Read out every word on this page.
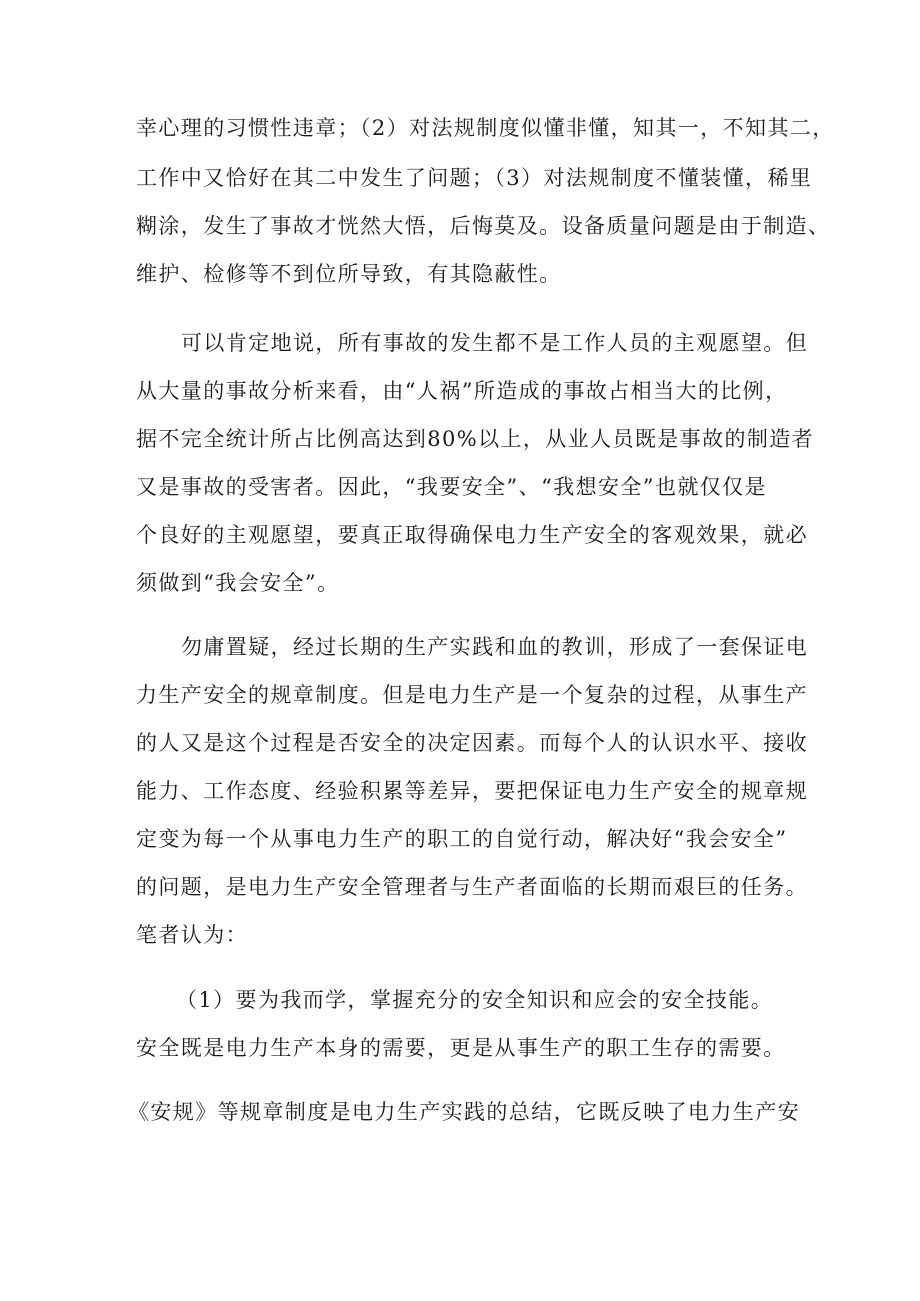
幸心理的习惯性违章；（2）对法规制度似懂非懂，知其一，不知其二，

工作中又恰好在其二中发生了问题；（3）对法规制度不懂装懂，稀里

糊涂，发生了事故才恍然大悟，后悔莫及。设备质量问题是由于制造、

维护、检修等不到位所导致，有其隐蔽性。

可以肯定地说，所有事故的发生都不是工作人员的主观愿望。但

从大量的事故分析来看，由“人祸”所造成的事故占相当大的比例，

据不完全统计所占比例高达到80%以上，从业人员既是事故的制造者

又是事故的受害者。因此，“我要安全”、“我想安全”也就仅仅是

个良好的主观愿望，要真正取得确保电力生产安全的客观效果，就必

须做到“我会安全”。

勿庸置疑，经过长期的生产实践和血的教训，形成了一套保证电

力生产安全的规章制度。但是电力生产是一个复杂的过程，从事生产

的人又是这个过程是否安全的决定因素。而每个人的认识水平、接收

能力、工作态度、经验积累等差异，要把保证电力生产安全的规章规

定变为每一个从事电力生产的职工的自觉行动，解决好“我会安全”

的问题，是电力生产安全管理者与生产者面临的长期而艰巨的任务。

笔者认为：

（1）要为我而学，掌握充分的安全知识和应会的安全技能。

安全既是电力生产本身的需要，更是从事生产的职工生存的需要。

《安规》等规章制度是电力生产实践的总结，它既反映了电力生产安
